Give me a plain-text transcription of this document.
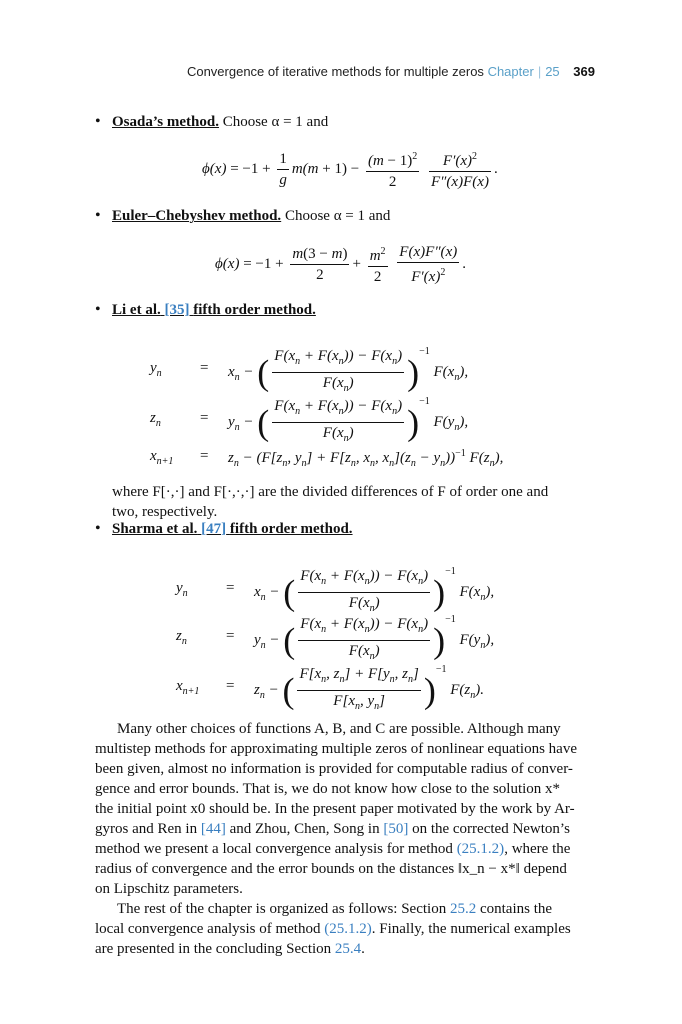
Convergence of iterative methods for multiple zeros Chapter | 25 369
• Osada’s method. Choose α = 1 and
$\phi(x) = -1 + \frac{1}{g} m(m + 1) - \frac{(m - 1)^2}{2}$
$\frac{F'(x)^2}{F''(x)F(x)}$ .
• Euler–Chebyshev method. Choose α = 1 and
$\phi(x) = -1 + \frac{m(3 - m)}{2} + \frac{m^2}{2}$
$\frac{F(x)F''(x)}{F'(x)^2}$ .
• Li et al. [35] fifth order method.
$y_n$	= $x_n$ − ( $\frac{F(x_n + F(x_n)) - F(x_n)}{F(x_n)} )^{-1}$ $F(x_n)$,
$z_n$	= $y_n$ − ( $\frac{F(x_n + F(x_n)) - F(x_n)}{F(x_n)} )^{-1}$ $F(y_n)$,
$x_{n+1} = z_n - (F[z_n$, $y_n] + F[z_n$, $x_n$, $x_n](z_n - y_n))^{-1}$ $F(z_n)$,
where F[·,·] and F[·,·,·] are the divided differences of F of order one and
two, respectively.
• Sharma et al. [47] fifth order method.
$y_n$	= $x_n$ − ( $\frac{F(x_n + F(x_n)) - F(x_n)}{F(x_n)} )^{-1}$ $F(x_n)$,
$z_n$	= $y_n$ − ( $\frac{F(x_n + F(x_n)) - F(x_n)}{F(x_n)} )^{-1}$ $F(y_n)$,
$x_{n+1} = z_n$ − ( $\frac{F[x_n, z_n] + F[y_n, z_n]}{F[x_n, y_n]} )^{-1}$ $F(z_n)$.
Many other choices of functions A, B, and C are possible. Although many
multistep methods for approximating multiple zeros of nonlinear equations have
been given, almost no information is provided for computable radius of conver-
gence and error bounds. That is, we do not know how close to the solution x*
the initial point x0 should be. In the present paper motivated by the work by Ar-
gyros and Ren in [44] and Zhou, Chen, Song in [50] on the corrected Newton’s
method we present a local convergence analysis for method (25.1.2), where the
radius of convergence and the error bounds on the distances ‖x_n − x*‖ depend
on Lipschitz parameters.
The rest of the chapter is organized as follows: Section 25.2 contains the
local convergence analysis of method (25.1.2). Finally, the numerical examples
are presented in the concluding Section 25.4.
